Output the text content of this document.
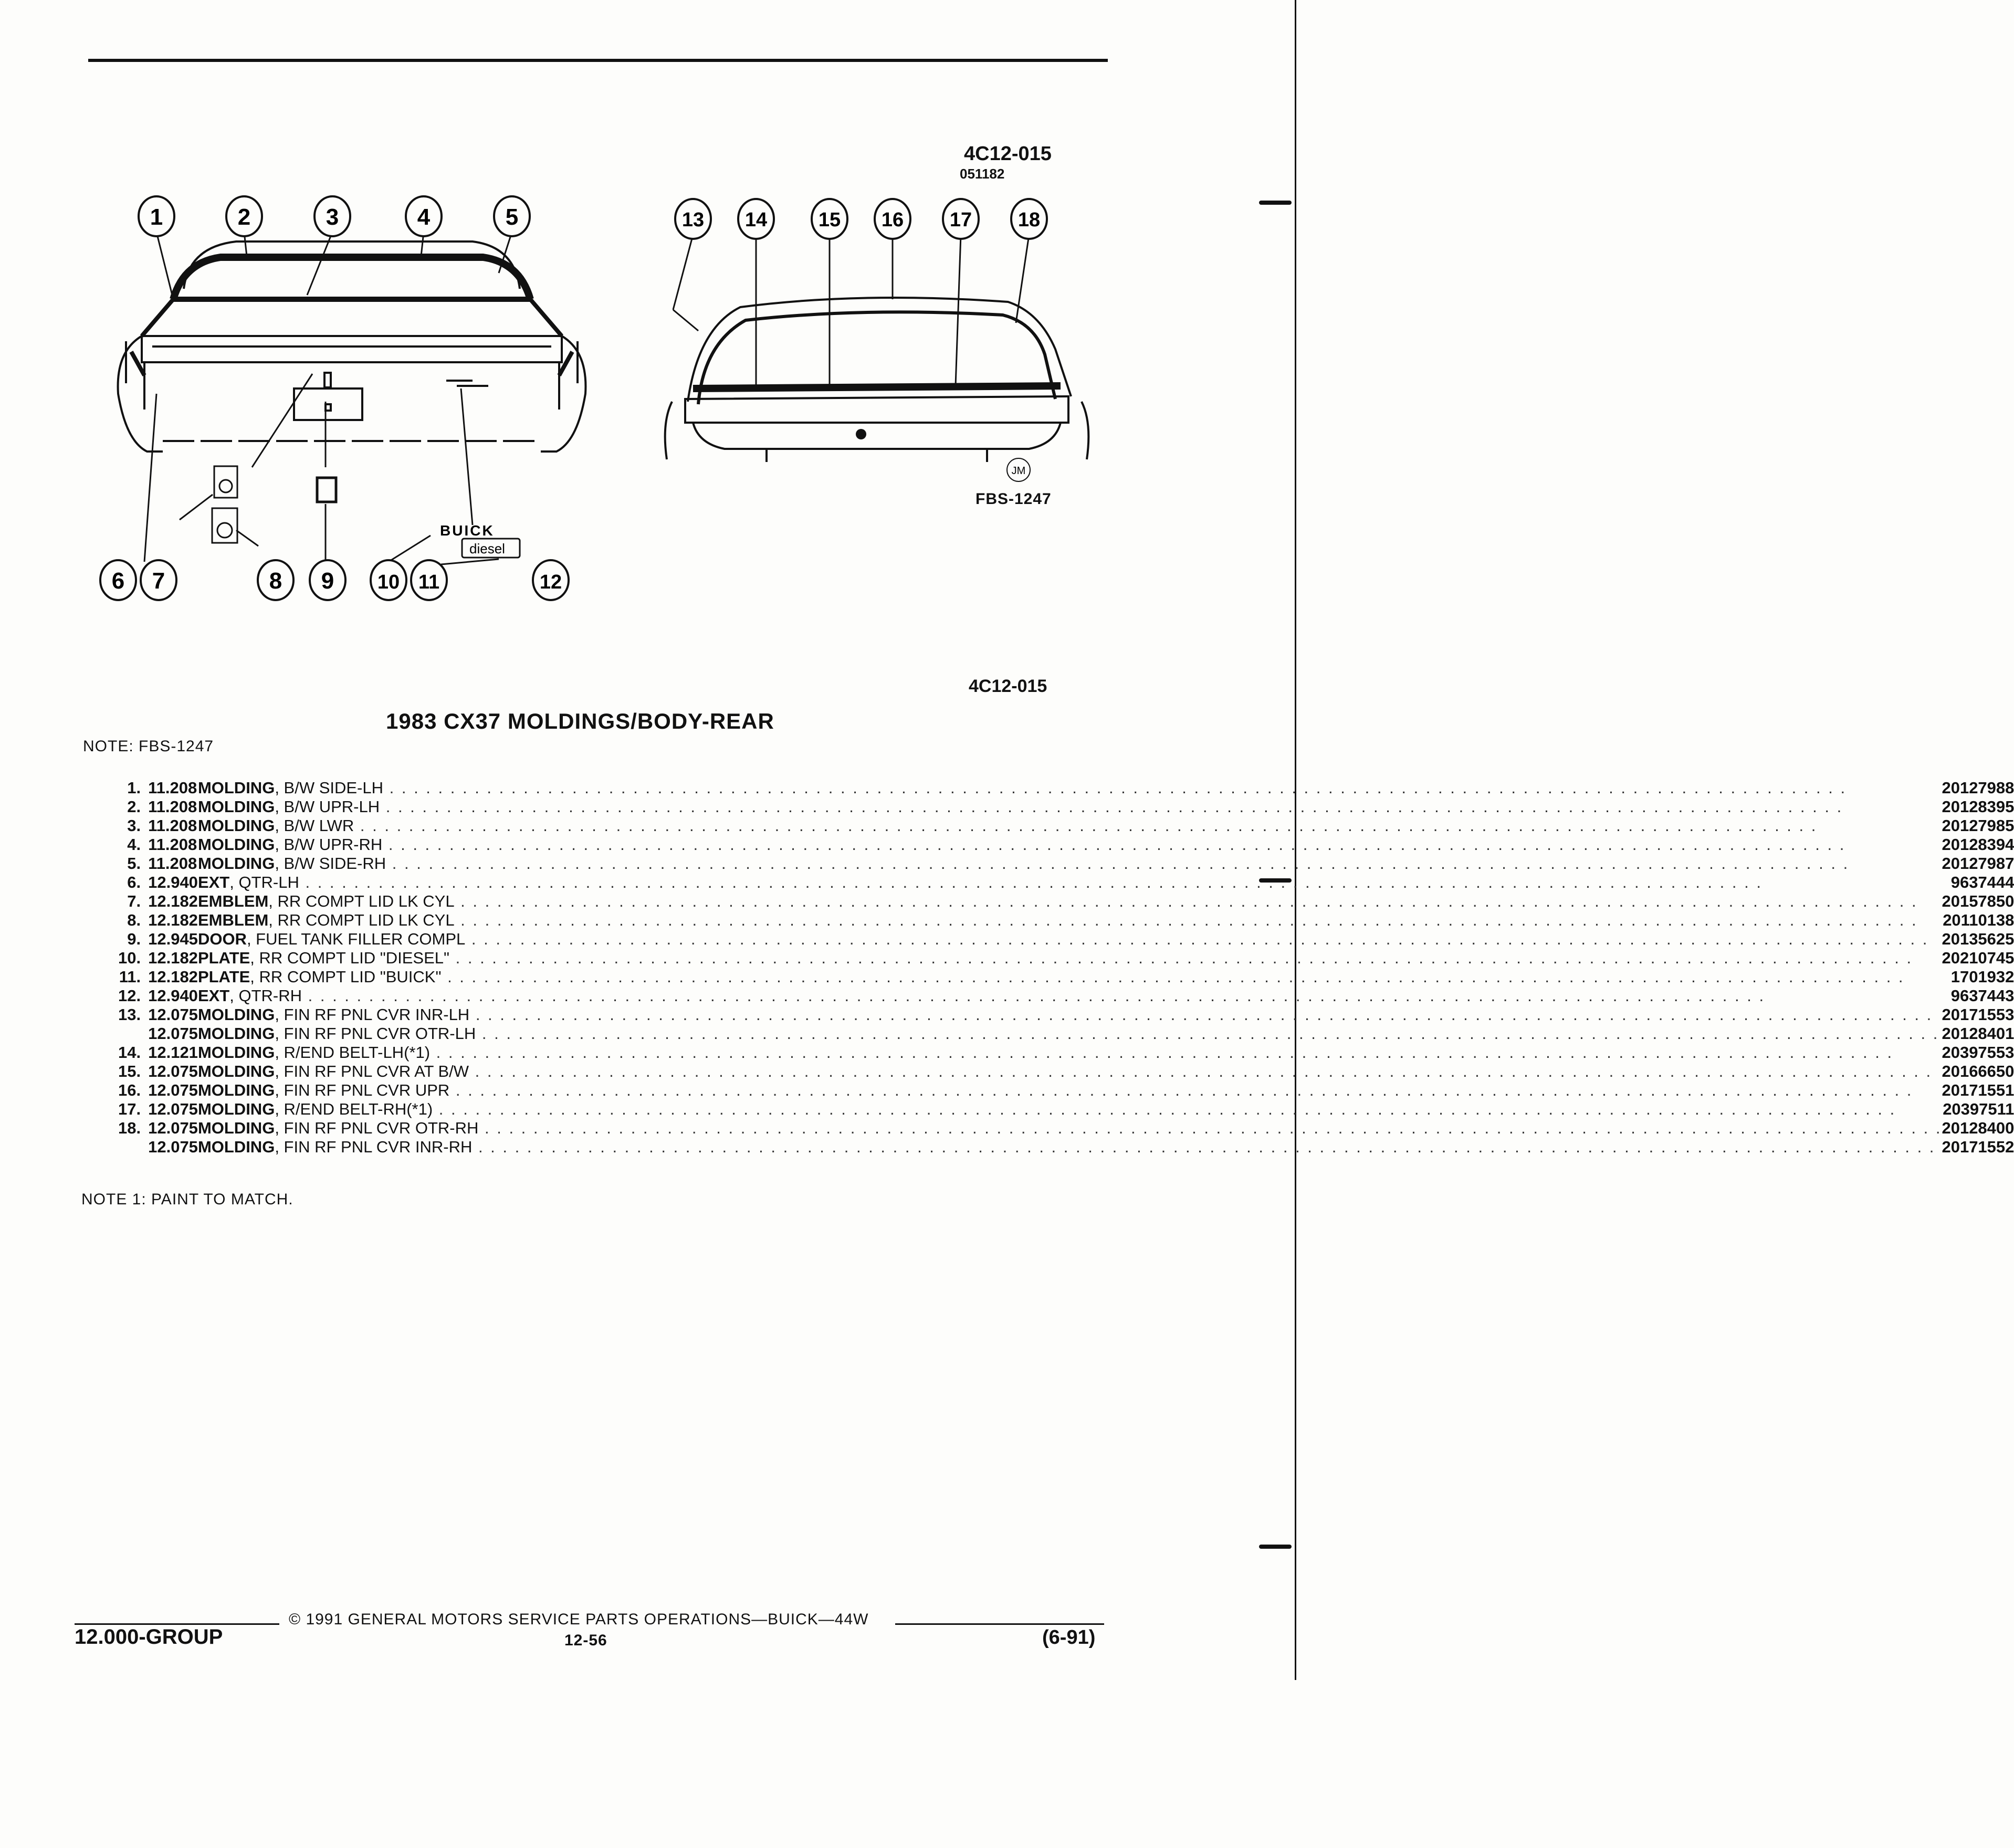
4C12-015
051182
BUICK
diesel
1	2	3	4	5
6 7	8 9 10 11	12
JM
13 14	15 16 17 18
FBS-1247
4C12-015
1983 CX37 MOLDINGS/BODY-REAR
NOTE: FBS-1247
1.	11.208	MOLDING, B/W SIDE-LH . . . . . . . . . . . . . . . . . . . . . . . . . . . . . . . . . . . . . . . . . . . . . . . . . . . . . . . . . . . . . . . . . . . . . . . . . . . . . . . . . . . . . . . . . . . . . . . . . . . . . . . . . . . . . . . . . . . . . . . .	20127988
2.	11.208	MOLDING, B/W UPR-LH . . . . . . . . . . . . . . . . . . . . . . . . . . . . . . . . . . . . . . . . . . . . . . . . . . . . . . . . . . . . . . . . . . . . . . . . . . . . . . . . . . . . . . . . . . . . . . . . . . . . . . . . . . . . . . . . . . . . . . . .	20128395
3.	11.208	MOLDING, B/W LWR . . . . . . . . . . . . . . . . . . . . . . . . . . . . . . . . . . . . . . . . . . . . . . . . . . . . . . . . . . . . . . . . . . . . . . . . . . . . . . . . . . . . . . . . . . . . . . . . . . . . . . . . . . . . . . . . . . . . . . . .	20127985
4.	11.208	MOLDING, B/W UPR-RH . . . . . . . . . . . . . . . . . . . . . . . . . . . . . . . . . . . . . . . . . . . . . . . . . . . . . . . . . . . . . . . . . . . . . . . . . . . . . . . . . . . . . . . . . . . . . . . . . . . . . . . . . . . . . . . . . . . . . . . .	20128394
5.	11.208	MOLDING, B/W SIDE-RH . . . . . . . . . . . . . . . . . . . . . . . . . . . . . . . . . . . . . . . . . . . . . . . . . . . . . . . . . . . . . . . . . . . . . . . . . . . . . . . . . . . . . . . . . . . . . . . . . . . . . . . . . . . . . . . . . . . . . . . .	20127987
6.	12.940	EXT, QTR-LH . . . . . . . . . . . . . . . . . . . . . . . . . . . . . . . . . . . . . . . . . . . . . . . . . . . . . . . . . . . . . . . . . . . . . . . . . . . . . . . . . . . . . . . . . . . . . . . . . . . . . . . . . . . . . . . . . . . . . . . .	9637444
7.	12.182	EMBLEM, RR COMPT LID LK CYL . . . . . . . . . . . . . . . . . . . . . . . . . . . . . . . . . . . . . . . . . . . . . . . . . . . . . . . . . . . . . . . . . . . . . . . . . . . . . . . . . . . . . . . . . . . . . . . . . . . . . . . . . . . . . . . . . . . . . . . .	20157850
8.	12.182	EMBLEM, RR COMPT LID LK CYL . . . . . . . . . . . . . . . . . . . . . . . . . . . . . . . . . . . . . . . . . . . . . . . . . . . . . . . . . . . . . . . . . . . . . . . . . . . . . . . . . . . . . . . . . . . . . . . . . . . . . . . . . . . . . . . . . . . . . . . .	20110138
9.	12.945	DOOR, FUEL TANK FILLER COMPL . . . . . . . . . . . . . . . . . . . . . . . . . . . . . . . . . . . . . . . . . . . . . . . . . . . . . . . . . . . . . . . . . . . . . . . . . . . . . . . . . . . . . . . . . . . . . . . . . . . . . . . . . . . . . . . . . . . . . . . .	20135625
10.	12.182	PLATE, RR COMPT LID "DIESEL" . . . . . . . . . . . . . . . . . . . . . . . . . . . . . . . . . . . . . . . . . . . . . . . . . . . . . . . . . . . . . . . . . . . . . . . . . . . . . . . . . . . . . . . . . . . . . . . . . . . . . . . . . . . . . . . . . . . . . . . .	20210745
11.	12.182	PLATE, RR COMPT LID "BUICK" . . . . . . . . . . . . . . . . . . . . . . . . . . . . . . . . . . . . . . . . . . . . . . . . . . . . . . . . . . . . . . . . . . . . . . . . . . . . . . . . . . . . . . . . . . . . . . . . . . . . . . . . . . . . . . . . . . . . . . . .	1701932
12.	12.940	EXT, QTR-RH . . . . . . . . . . . . . . . . . . . . . . . . . . . . . . . . . . . . . . . . . . . . . . . . . . . . . . . . . . . . . . . . . . . . . . . . . . . . . . . . . . . . . . . . . . . . . . . . . . . . . . . . . . . . . . . . . . . . . . . .	9637443
13.	12.075	MOLDING, FIN RF PNL CVR INR-LH . . . . . . . . . . . . . . . . . . . . . . . . . . . . . . . . . . . . . . . . . . . . . . . . . . . . . . . . . . . . . . . . . . . . . . . . . . . . . . . . . . . . . . . . . . . . . . . . . . . . . . . . . . . . . . . . . . . . . . . .	20171553
	12.075	MOLDING, FIN RF PNL CVR OTR-LH . . . . . . . . . . . . . . . . . . . . . . . . . . . . . . . . . . . . . . . . . . . . . . . . . . . . . . . . . . . . . . . . . . . . . . . . . . . . . . . . . . . . . . . . . . . . . . . . . . . . . . . . . . . . . . . . . . . . . . . .	20128401
14.	12.121	MOLDING, R/END BELT-LH(*1) . . . . . . . . . . . . . . . . . . . . . . . . . . . . . . . . . . . . . . . . . . . . . . . . . . . . . . . . . . . . . . . . . . . . . . . . . . . . . . . . . . . . . . . . . . . . . . . . . . . . . . . . . . . . . . . . . . . . . . . .	20397553
15.	12.075	MOLDING, FIN RF PNL CVR AT B/W . . . . . . . . . . . . . . . . . . . . . . . . . . . . . . . . . . . . . . . . . . . . . . . . . . . . . . . . . . . . . . . . . . . . . . . . . . . . . . . . . . . . . . . . . . . . . . . . . . . . . . . . . . . . . . . . . . . . . . . .	20166650
16.	12.075	MOLDING, FIN RF PNL CVR UPR . . . . . . . . . . . . . . . . . . . . . . . . . . . . . . . . . . . . . . . . . . . . . . . . . . . . . . . . . . . . . . . . . . . . . . . . . . . . . . . . . . . . . . . . . . . . . . . . . . . . . . . . . . . . . . . . . . . . . . . .	20171551
17.	12.075	MOLDING, R/END BELT-RH(*1) . . . . . . . . . . . . . . . . . . . . . . . . . . . . . . . . . . . . . . . . . . . . . . . . . . . . . . . . . . . . . . . . . . . . . . . . . . . . . . . . . . . . . . . . . . . . . . . . . . . . . . . . . . . . . . . . . . . . . . . .	20397511
18.	12.075	MOLDING, FIN RF PNL CVR OTR-RH . . . . . . . . . . . . . . . . . . . . . . . . . . . . . . . . . . . . . . . . . . . . . . . . . . . . . . . . . . . . . . . . . . . . . . . . . . . . . . . . . . . . . . . . . . . . . . . . . . . . . . . . . . . . . . . . . . . . . . . .	20128400
	12.075	MOLDING, FIN RF PNL CVR INR-RH . . . . . . . . . . . . . . . . . . . . . . . . . . . . . . . . . . . . . . . . . . . . . . . . . . . . . . . . . . . . . . . . . . . . . . . . . . . . . . . . . . . . . . . . . . . . . . . . . . . . . . . . . . . . . . . . . . . . . . . .	20171552
NOTE 1: PAINT TO MATCH.
© 1991 GENERAL MOTORS SERVICE PARTS OPERATIONS—BUICK—44W
12.000-GROUP	12-56	(6-91)
